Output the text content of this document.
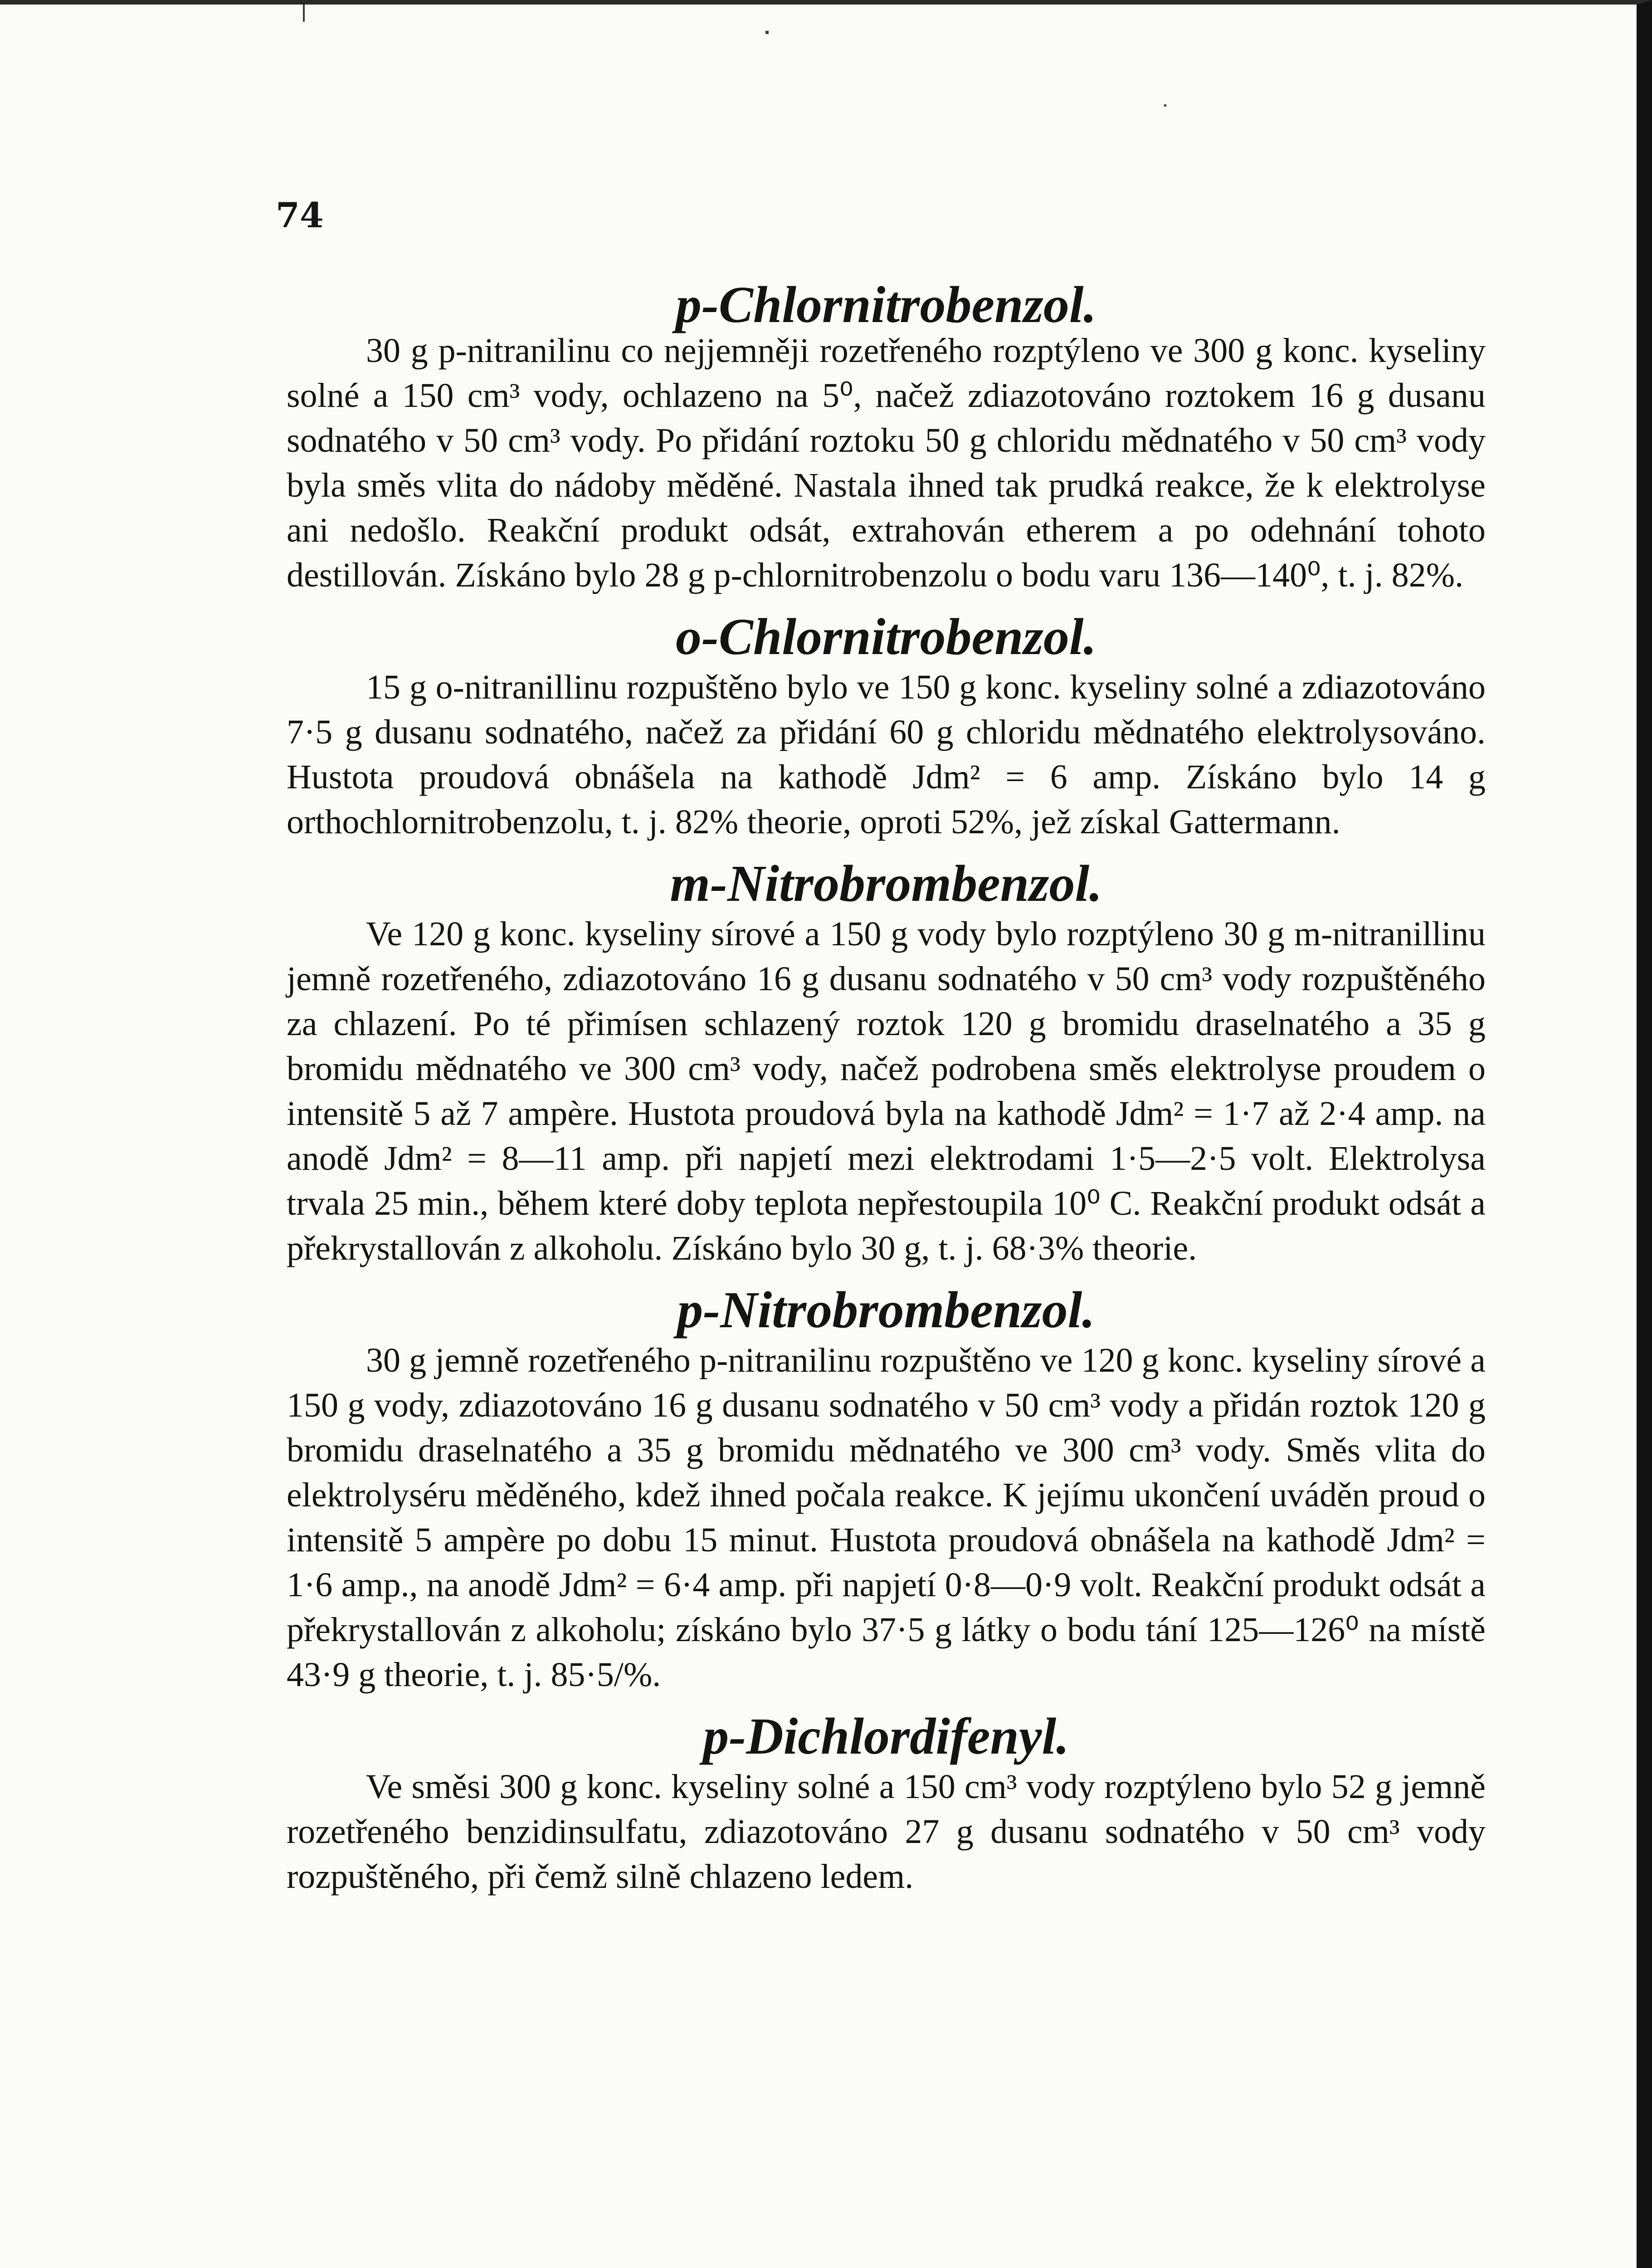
74
p-Chlornitrobenzol.

30 g p-nitranilinu co nejjemněji rozetřeného rozptýleno ve 300 g konc. kyseliny solné a 150 cm³ vody, ochlazeno na 5⁰, načež zdiazotováno roztokem 16 g dusanu sodnatého v 50 cm³ vody. Po přidání roztoku 50 g chloridu mědnatého v 50 cm³ vody byla směs vlita do nádoby měděné. Nastala ihned tak prudká reakce, že k elektrolyse ani nedošlo. Reakční produkt odsát, extrahován etherem a po odehnání tohoto destillován. Získáno bylo 28 g p-chlornitrobenzolu o bodu varu 136—140⁰, t. j. 82%.

o-Chlornitrobenzol.

15 g o-nitranillinu rozpuštěno bylo ve 150 g konc. kyseliny solné a zdiazotováno 7·5 g dusanu sodnatého, načež za přidání 60 g chloridu mědnatého elektrolysováno. Hustota proudová obnášela na kathodě Jdm² = 6 amp. Získáno bylo 14 g orthochlornitrobenzolu, t. j. 82% theorie, oproti 52%, jež získal Gattermann.

m-Nitrobrombenzol.

Ve 120 g konc. kyseliny sírové a 150 g vody bylo rozptýleno 30 g m-nitranillinu jemně rozetřeného, zdiazotováno 16 g dusanu sodnatého v 50 cm³ vody rozpuštěného za chlazení. Po té přimísen schlazený roztok 120 g bromidu draselnatého a 35 g bromidu mědnatého ve 300 cm³ vody, načež podrobena směs elektrolyse proudem o intensitě 5 až 7 ampère. Hustota proudová byla na kathodě Jdm² = 1·7 až 2·4 amp. na anodě Jdm² = 8—11 amp. při napjetí mezi elektrodami 1·5—2·5 volt. Elektrolysa trvala 25 min., během které doby teplota nepřestoupila 10⁰ C. Reakční produkt odsát a překrystallován z alkoholu. Získáno bylo 30 g, t. j. 68·3% theorie.

p-Nitrobrombenzol.

30 g jemně rozetřeného p-nitranilinu rozpuštěno ve 120 g konc. kyseliny sírové a 150 g vody, zdiazotováno 16 g dusanu sodnatého v 50 cm³ vody a přidán roztok 120 g bromidu draselnatého a 35 g bromidu mědnatého ve 300 cm³ vody. Směs vlita do elektrolyséru měděného, kdež ihned počala reakce. K jejímu ukončení uváděn proud o intensitě 5 ampère po dobu 15 minut. Hustota proudová obnášela na kathodě Jdm² = 1·6 amp., na anodě Jdm² = 6·4 amp. při napjetí 0·8—0·9 volt. Reakční produkt odsát a překrystallován z alkoholu; získáno bylo 37·5 g látky o bodu tání 125—126⁰ na místě 43·9 g theorie, t. j. 85·5/%.

p-Dichlordifenyl.

Ve směsi 300 g konc. kyseliny solné a 150 cm³ vody rozptýleno bylo 52 g jemně rozetřeného benzidinsulfatu, zdiazotováno 27 g dusanu sodnatého v 50 cm³ vody rozpuštěného, při čemž silně chlazeno ledem.
